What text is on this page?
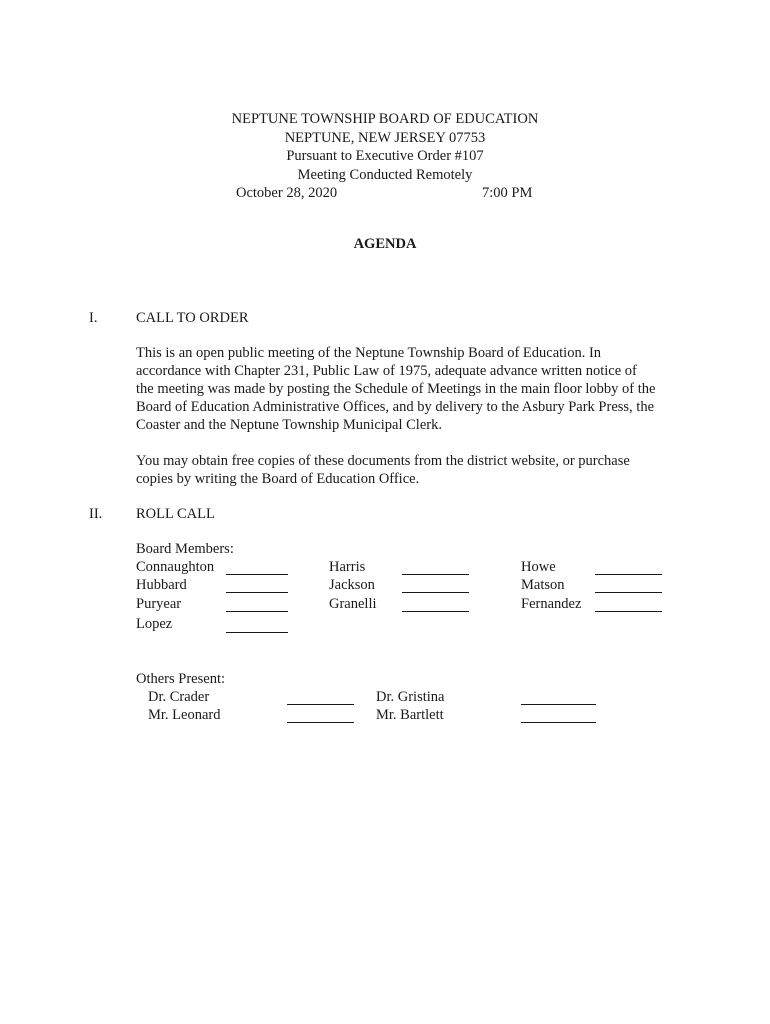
NEPTUNE TOWNSHIP BOARD OF EDUCATION
NEPTUNE, NEW JERSEY 07753
Pursuant to Executive Order #107
Meeting Conducted Remotely
October 28, 2020	7:00 PM
AGENDA
I.	CALL TO ORDER
This is an open public meeting of the Neptune Township Board of Education. In
accordance with Chapter 231, Public Law of 1975, adequate advance written notice of
the meeting was made by posting the Schedule of Meetings in the main floor lobby of the
Board of Education Administrative Offices, and by delivery to the Asbury Park Press, the
Coaster and the Neptune Township Municipal Clerk.
You may obtain free copies of these documents from the district website, or purchase
copies by writing the Board of Education Office.
II. ROLL CALL
Board Members:
Connaughton	Harris	Howe
Hubbard	Jackson	Matson
Puryear	Granelli	Fernandez
Lopez
Others Present:
Dr. Crader	Dr. Gristina
Mr. Leonard	Mr. Bartlett
